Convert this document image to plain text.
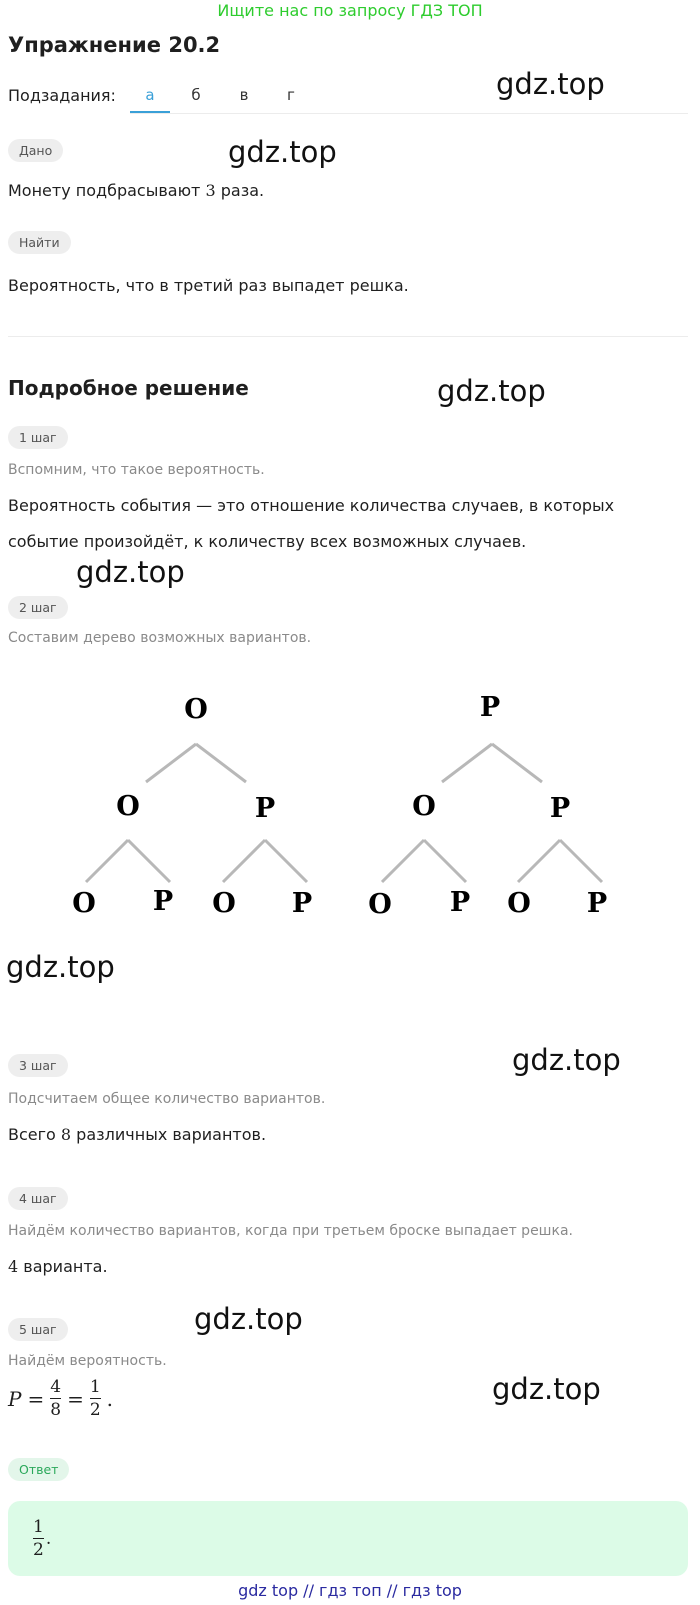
Ищите нас по запросу ГДЗ ТОП
Упражнение 20.2
Подзадания:	а	б	в	г	gdz.top
Дано	gdz.top
Монету подбрасывают 3 раза.
Найти
Вероятность, что в третий раз выпадет решка.
Подробное решение	gdz.top
1 шаг
Вспомним, что такое вероятность.
Вероятность события — это отношение количества случаев, в которых
событие произойдёт, к количеству всех возможных случаев.
2 шаг
gdz.top
Составим дерево возможных вариантов.
O	P
O	P	O	P
O P O P O P O P
gdz.top
3 шаг	gdz.top
Подсчитаем общее количество вариантов.
Всего 8 различных вариантов.
4 шаг
Найдём количество вариантов, когда при третьем броске выпадает решка.
4 варианта.
5 шаг	gdz.top
Найдём вероятность.
$P = \frac{4}{8} = \frac{1}{2}$ .	gdz.top
Ответ
$\frac{1}{2}$ .
gdz top // гдз топ // гдз top
